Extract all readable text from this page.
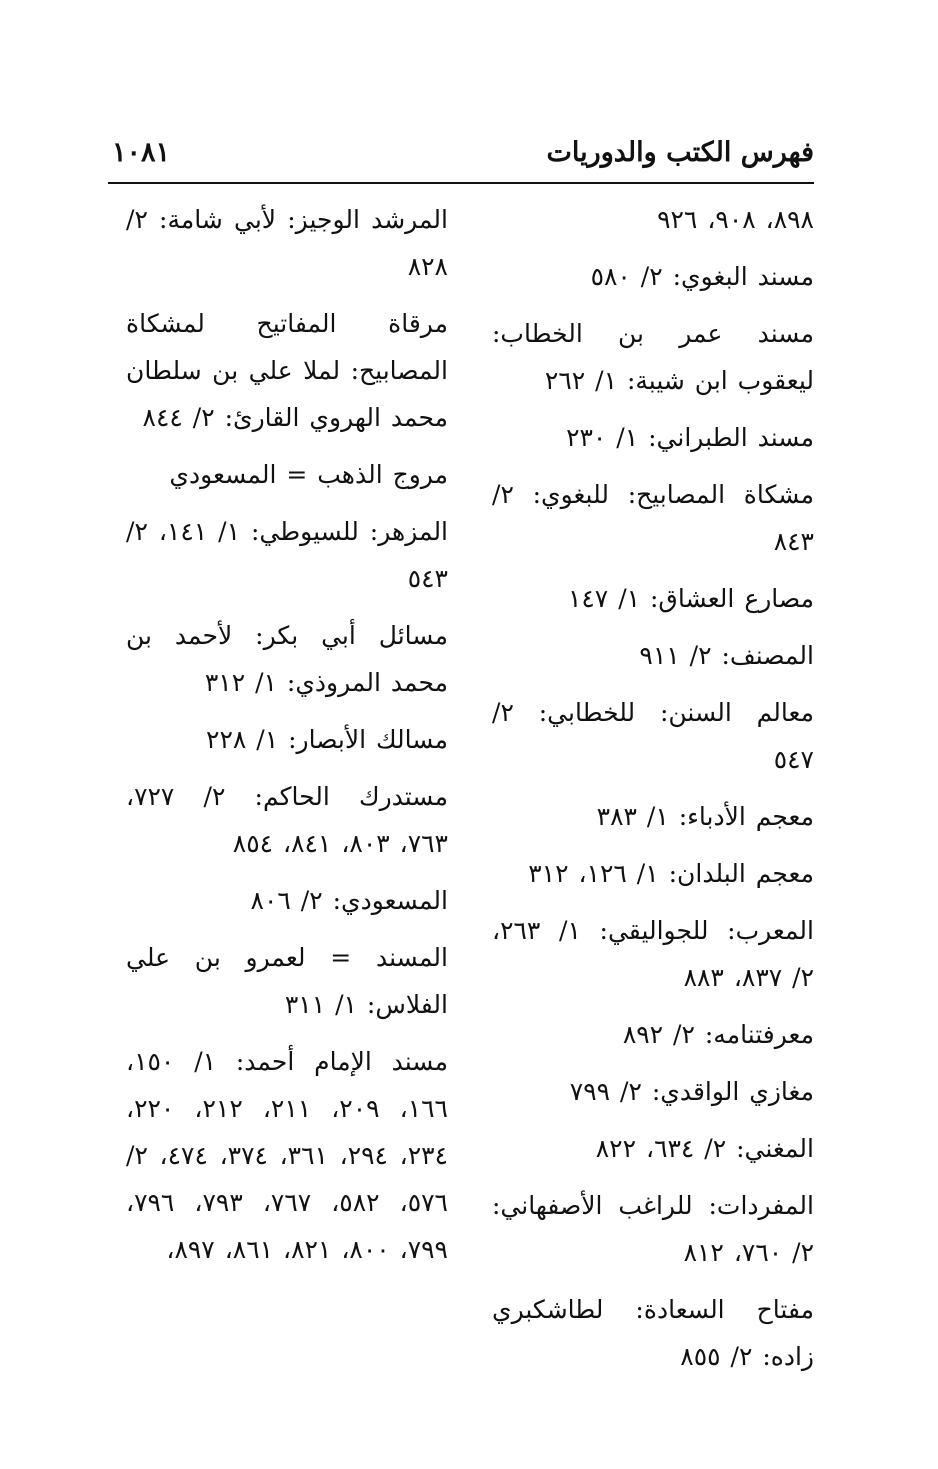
فهرس الكتب والدوريات
١٠٨١

المرشد الوجيز: لأبي شامة: ٢/ ٨٢٨

مرقاة المفاتيح لمشكاة المصابيح: لملا علي بن سلطان محمد الهروي القارئ: ٢/ ٨٤٤

مروج الذهب = المسعودي

المزهر: للسيوطي: ١/ ١٤١، ٢/ ٥٤٣

مسائل أبي بكر: لأحمد بن محمد المروذي: ١/ ٣١٢

مسالك الأبصار: ١/ ٢٢٨

مستدرك الحاكم: ٢/ ٧٢٧، ٧٦٣، ٨٠٣، ٨٤١، ٨٥٤

المسعودي: ٢/ ٨٠٦

المسند = لعمرو بن علي الفلاس: ١/ ٣١١

مسند الإمام أحمد: ١/ ١٥٠، ١٦٦، ٢٠٩، ٢١١، ٢١٢، ٢٢٠، ٢٣٤، ٢٩٤، ٣٦١، ٣٧٤، ٤٧٤، ٢/ ٥٧٦، ٥٨٢، ٧٦٧، ٧٩٣، ٧٩٦، ٧٩٩، ٨٠٠، ٨٢١، ٨٦١، ٨٩٧،

٨٩٨، ٩٠٨، ٩٢٦

مسند البغوي: ٢/ ٥٨٠

مسند عمر بن الخطاب: ليعقوب ابن شيبة: ١/ ٢٦٢

مسند الطبراني: ١/ ٢٣٠

مشكاة المصابيح: للبغوي: ٢/ ٨٤٣

مصارع العشاق: ١/ ١٤٧

المصنف: ٢/ ٩١١

معالم السنن: للخطابي: ٢/ ٥٤٧

معجم الأدباء: ١/ ٣٨٣

معجم البلدان: ١/ ١٢٦، ٣١٢

المعرب: للجواليقي: ١/ ٢٦٣، ٢/ ٨٣٧، ٨٨٣

معرفتنامه: ٢/ ٨٩٢

مغازي الواقدي: ٢/ ٧٩٩

المغني: ٢/ ٦٣٤، ٨٢٢

المفردات: للراغب الأصفهاني: ٢/ ٧٦٠، ٨١٢

مفتاح السعادة: لطاشكبري زاده: ٢/ ٨٥٥
